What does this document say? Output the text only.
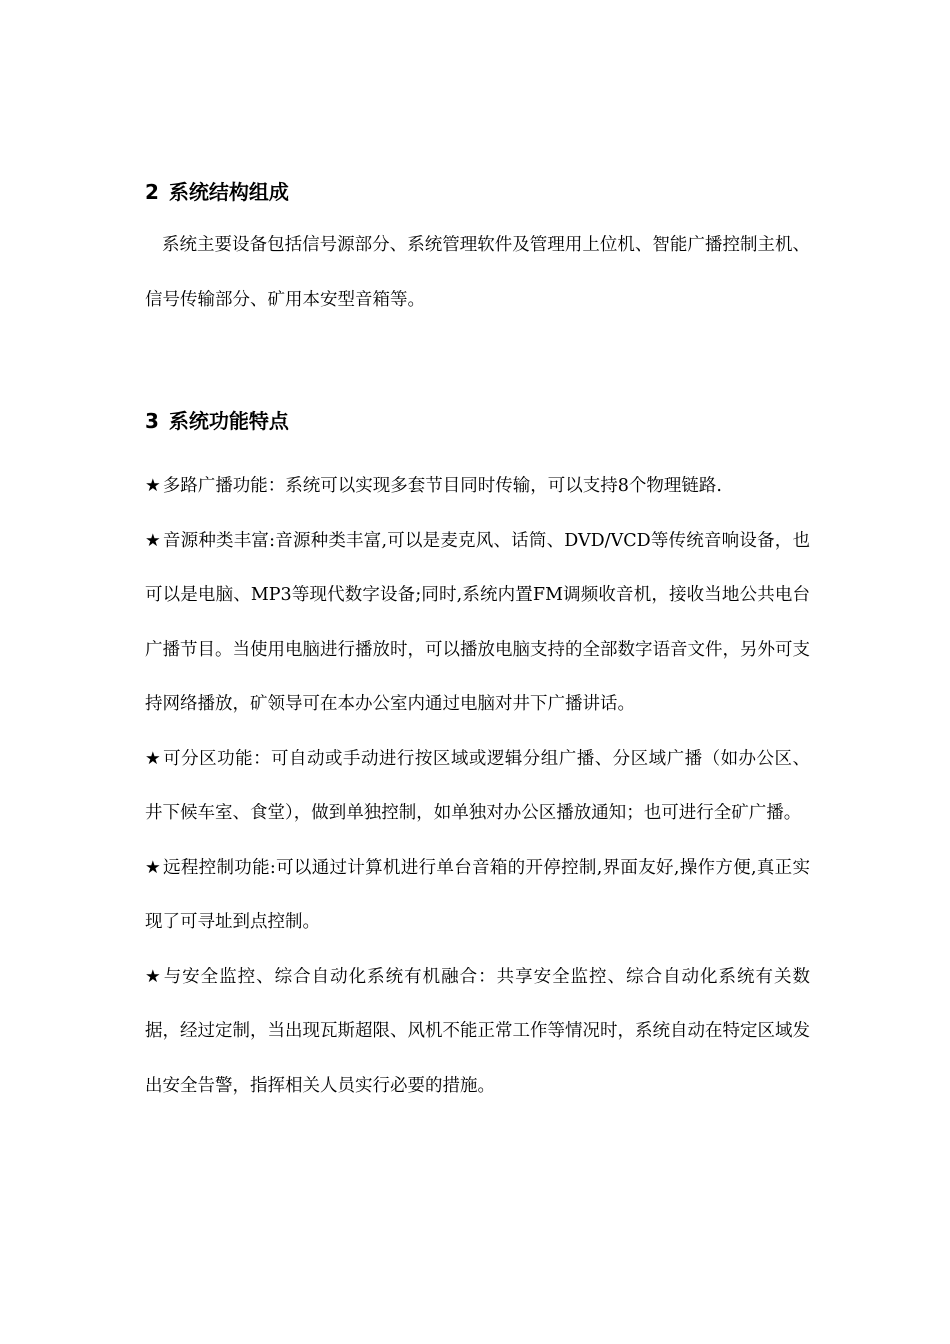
2 系统结构组成

系统主要设备包括信号源部分、系统管理软件及管理用上位机、智能广播控制主机、信号传输部分、矿用本安型音箱等。

3 系统功能特点

★ 多路广播功能：系统可以实现多套节目同时传输，可以支持8个物理链路.

★ 音源种类丰富:音源种类丰富,可以是麦克风、话筒、DVD/VCD等传统音响设备，也可以是电脑、MP3等现代数字设备;同时,系统内置FM调频收音机，接收当地公共电台广播节目。当使用电脑进行播放时，可以播放电脑支持的全部数字语音文件，另外可支持网络播放，矿领导可在本办公室内通过电脑对井下广播讲话。

★ 可分区功能：可自动或手动进行按区域或逻辑分组广播、分区域广播（如办公区、井下候车室、食堂），做到单独控制，如单独对办公区播放通知；也可进行全矿广播。

★ 远程控制功能:可以通过计算机进行单台音箱的开停控制,界面友好,操作方便,真正实现了可寻址到点控制。

★ 与安全监控、综合自动化系统有机融合：共享安全监控、综合自动化系统有关数据，经过定制，当出现瓦斯超限、风机不能正常工作等情况时，系统自动在特定区域发出安全告警，指挥相关人员实行必要的措施。
